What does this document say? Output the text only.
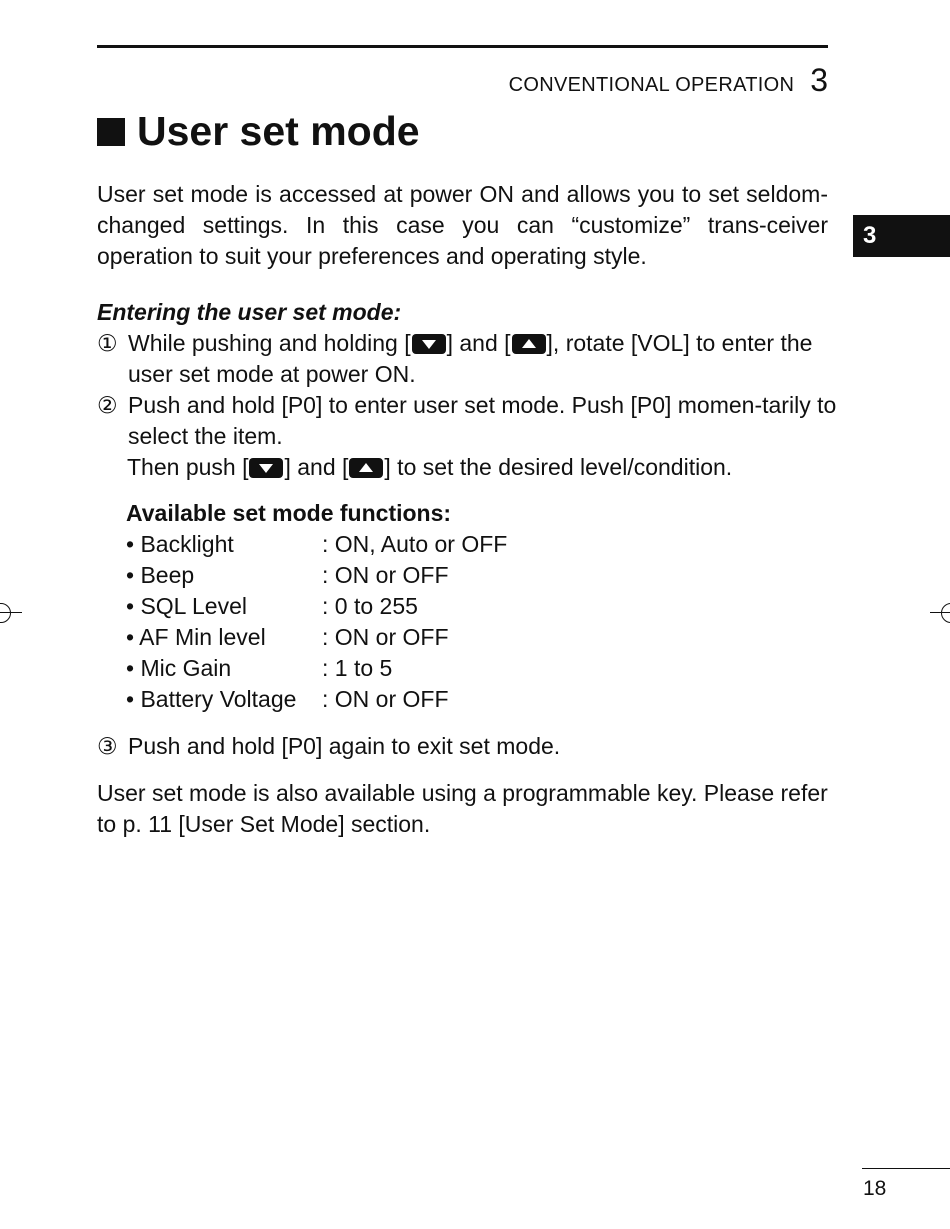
CONVENTIONAL OPERATION 3
User set mode
3
User set mode is accessed at power ON and allows you to set seldom-changed settings. In this case you can “customize” trans-ceiver operation to suit your preferences and operating style.
Entering the user set mode:
① While pushing and holding [ ] and [ ], rotate [VOL] to enter the user set mode at power ON.
② Push and hold [P0] to enter user set mode. Push [P0] momen-tarily to select the item.
Then push [ ] and [ ] to set the desired level/condition.
Available set mode functions:
• Backlight	: ON, Auto or OFF
• Beep	: ON or OFF
• SQL Level	: 0 to 255
• AF Min level	: ON or OFF
• Mic Gain	: 1 to 5
• Battery Voltage	: ON or OFF
③ Push and hold [P0] again to exit set mode.
User set mode is also available using a programmable key. Please refer to p. 11 [User Set Mode] section.
18
